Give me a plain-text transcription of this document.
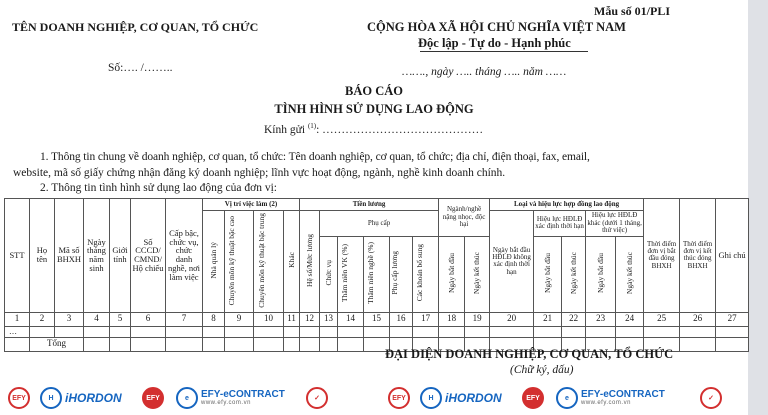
Mẫu số 01/PLI
TÊN DOANH NGHIỆP, CƠ QUAN, TỔ CHỨC	CỘNG HÒA XÃ HỘI CHỦ NGHĨA VIỆT NAM
Độc lập - Tự do - Hạnh phúc
Số:…. /……..	……., ngày ….. tháng ….. năm ……
BÁO CÁO
TÌNH HÌNH SỬ DỤNG LAO ĐỘNG
Kính gửi $^{(1)}$: ……………………………………
1. Thông tin chung về doanh nghiệp, cơ quan, tổ chức: Tên doanh nghiệp, cơ quan, tổ chức; địa chỉ, điện thoại, fax, email,
website, mã số giấy chứng nhận đăng ký doanh nghiệp; lĩnh vực hoạt động, ngành, nghề kinh doanh chính.
2. Thông tin tình hình sử dụng lao động của đơn vị:
STT	Họ tên	Mã số BHXH	Ngày tháng năm sinh	Giới tính	Số CCCD/ CMND/ Hộ chiếu	Cấp bậc, chức vụ, chức danh nghề, nơi làm việc	Vị trí việc làm (2)				Tiền lương						Ngành/nghề nặng nhọc, độc hại		Loại và hiệu lực hợp đồng lao động					Thời điểm đơn vị bắt đầu đóng BHXH	Thời điểm đơn vị kết thúc đóng BHXH	Ghi chú
							Nhà quản lý	Chuyên môn kỹ thuật bậc cao	Chuyên môn kỹ thuật bậc trung	Khác	Hệ số/Mức lương	Phụ cấp							Ngày bắt đầu HĐLĐ không xác định thời hạn	Hiệu lực HĐLĐ xác định thời hạn		Hiệu lực HĐLĐ khác (dưới 1 tháng, thử việc)				
												Chức vụ	Thâm niên VK (%)	Thâm niên nghề (%)	Phụ cấp lương	Các khoản bổ sung	Ngày bắt đầu	Ngày kết thúc		Ngày bắt đầu	Ngày kết thúc	Ngày bắt đầu	Ngày kết thúc			
1	2	3	4	5	6	7	8	9	10	11	12	13	14	15	16	17	18	19	20	21	22	23	24	25	26	27
…																										
	Tổng																									
ĐẠI DIỆN DOANH NGHIỆP, CƠ QUAN, TỔ CHỨC
(Chữ ký, dấu)
EFY	H iHORDON	EFY	e	EFY-eCONTRACT
www.efy.com.vn
✓	EFY	H iHORDON	EFY	e	EFY-eCONTRACT
www.efy.com.vn
✓
